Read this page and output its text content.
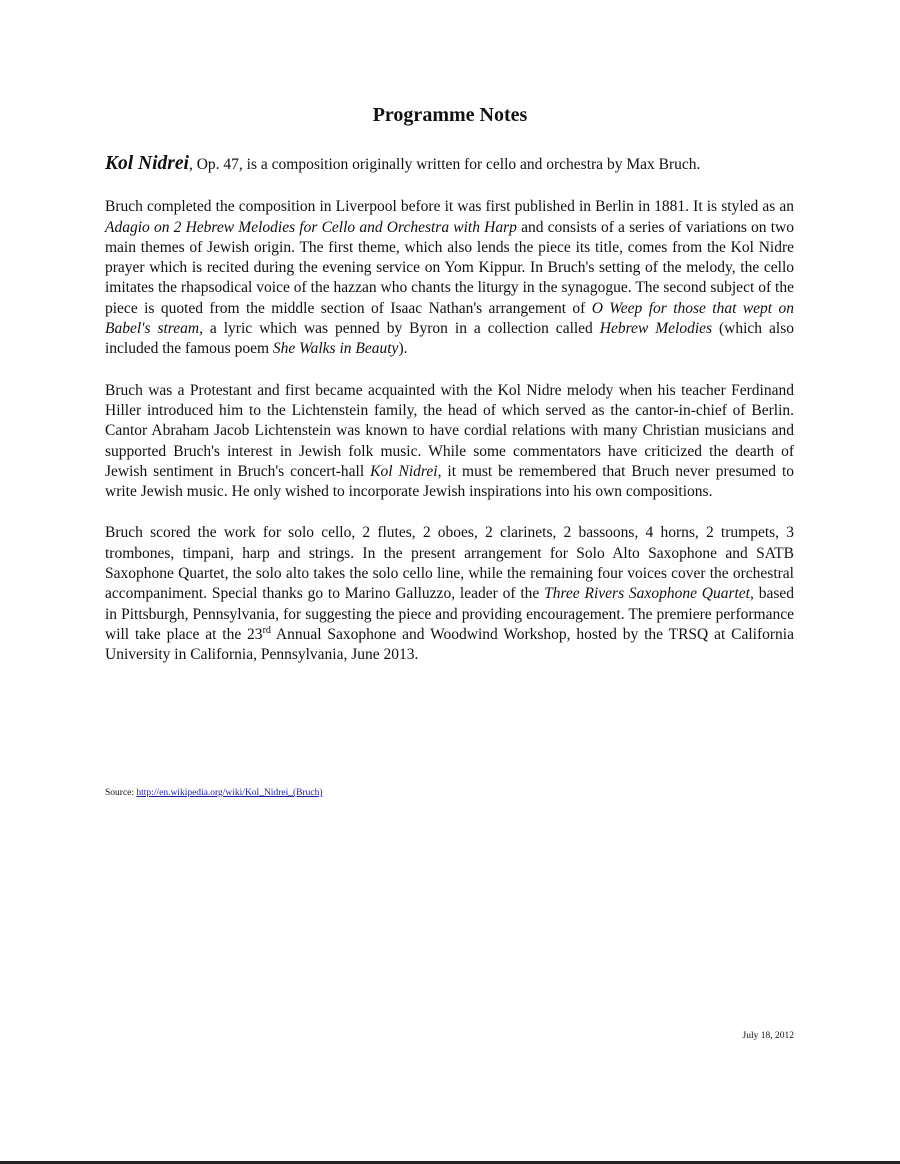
Programme Notes

Kol Nidrei, Op. 47, is a composition originally written for cello and orchestra by Max Bruch.

Bruch completed the composition in Liverpool before it was first published in Berlin in 1881. It is styled as an Adagio on 2 Hebrew Melodies for Cello and Orchestra with Harp and consists of a series of variations on two main themes of Jewish origin. The first theme, which also lends the piece its title, comes from the Kol Nidre prayer which is recited during the evening service on Yom Kippur. In Bruch's setting of the melody, the cello imitates the rhapsodical voice of the hazzan who chants the liturgy in the synagogue. The second subject of the piece is quoted from the middle section of Isaac Nathan's arrangement of O Weep for those that wept on Babel's stream, a lyric which was penned by Byron in a collection called Hebrew Melodies (which also included the famous poem She Walks in Beauty).

Bruch was a Protestant and first became acquainted with the Kol Nidre melody when his teacher Ferdinand Hiller introduced him to the Lichtenstein family, the head of which served as the cantor-in-chief of Berlin. Cantor Abraham Jacob Lichtenstein was known to have cordial relations with many Christian musicians and supported Bruch's interest in Jewish folk music. While some commentators have criticized the dearth of Jewish sentiment in Bruch's concert-hall Kol Nidrei, it must be remembered that Bruch never presumed to write Jewish music. He only wished to incorporate Jewish inspirations into his own compositions.

Bruch scored the work for solo cello, 2 flutes, 2 oboes, 2 clarinets, 2 bassoons, 4 horns, 2 trumpets, 3 trombones, timpani, harp and strings. In the present arrangement for Solo Alto Saxophone and SATB Saxophone Quartet, the solo alto takes the solo cello line, while the remaining four voices cover the orchestral accompaniment. Special thanks go to Marino Galluzzo, leader of the Three Rivers Saxophone Quartet, based in Pittsburgh, Pennsylvania, for suggesting the piece and providing encouragement. The premiere performance will take place at the 23rd Annual Saxophone and Woodwind Workshop, hosted by the TRSQ at California University in California, Pennsylvania, June 2013.

Source: http://en.wikipedia.org/wiki/Kol_Nidrei_(Bruch)
July 18, 2012
